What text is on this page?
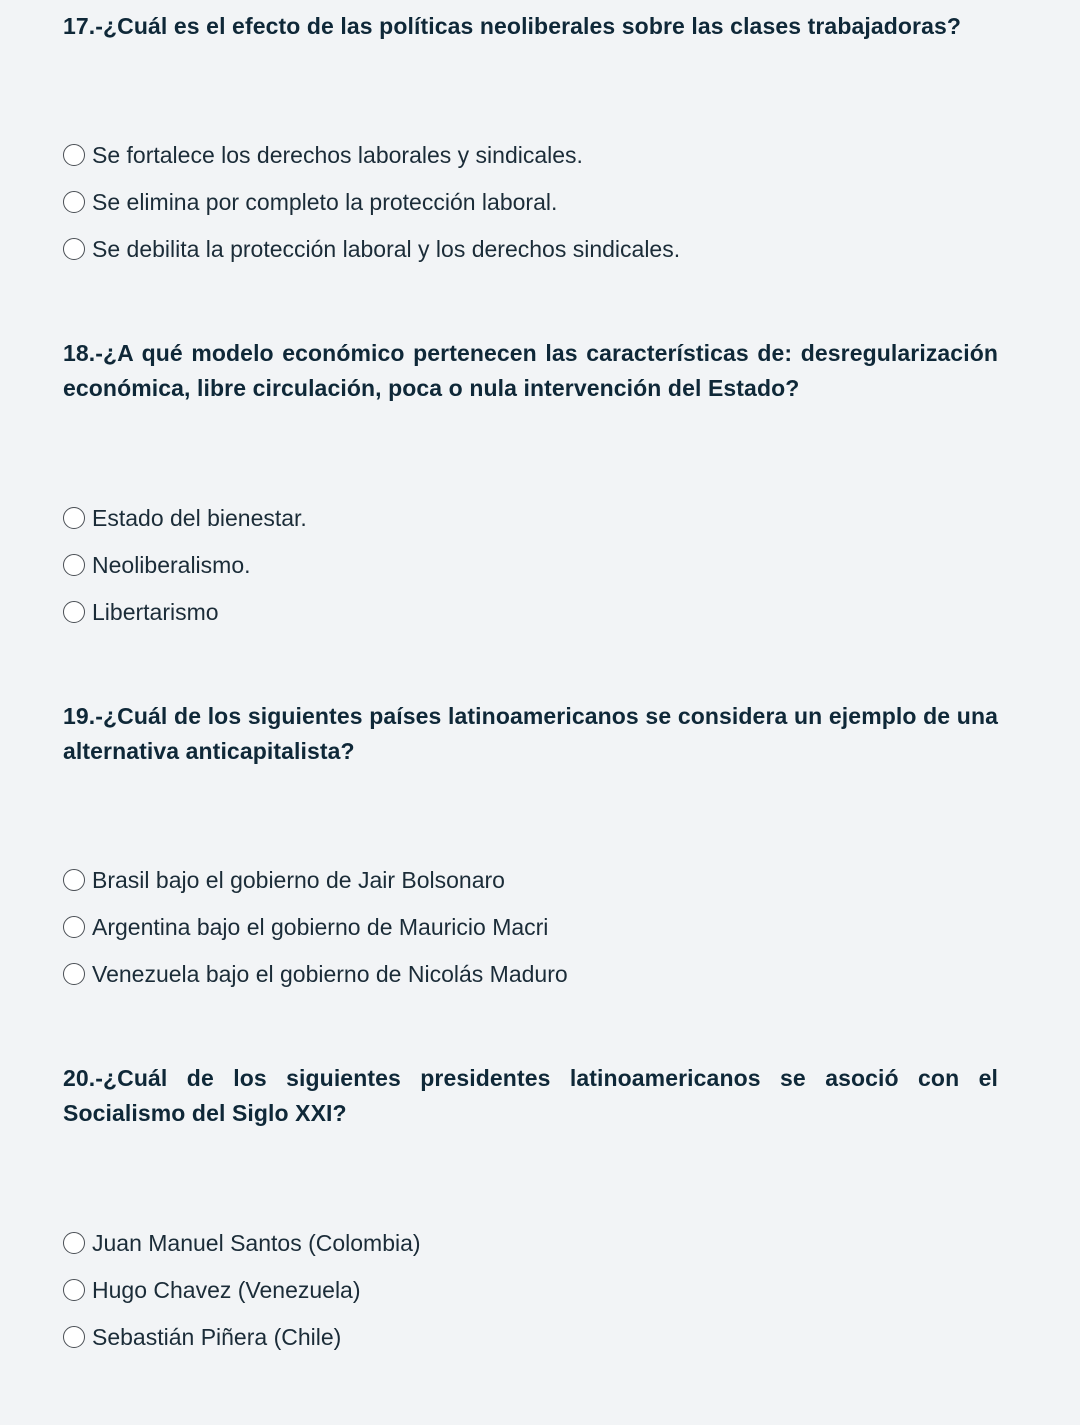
17.-¿Cuál es el efecto de las políticas neoliberales sobre las clases trabajadoras?

Se fortalece los derechos laborales y sindicales.
Se elimina por completo la protección laboral.
Se debilita la protección laboral y los derechos sindicales.

18.-¿A qué modelo económico pertenecen las características de: desregularización económica, libre circulación, poca o nula intervención del Estado?

Estado del bienestar.
Neoliberalismo.
Libertarismo

19.-¿Cuál de los siguientes países latinoamericanos se considera un ejemplo de una alternativa anticapitalista?

Brasil bajo el gobierno de Jair Bolsonaro
Argentina bajo el gobierno de Mauricio Macri
Venezuela bajo el gobierno de Nicolás Maduro

20.-¿Cuál de los siguientes presidentes latinoamericanos se asoció con el Socialismo del Siglo XXI?

Juan Manuel Santos (Colombia)
Hugo Chavez (Venezuela)
Sebastián Piñera (Chile)
